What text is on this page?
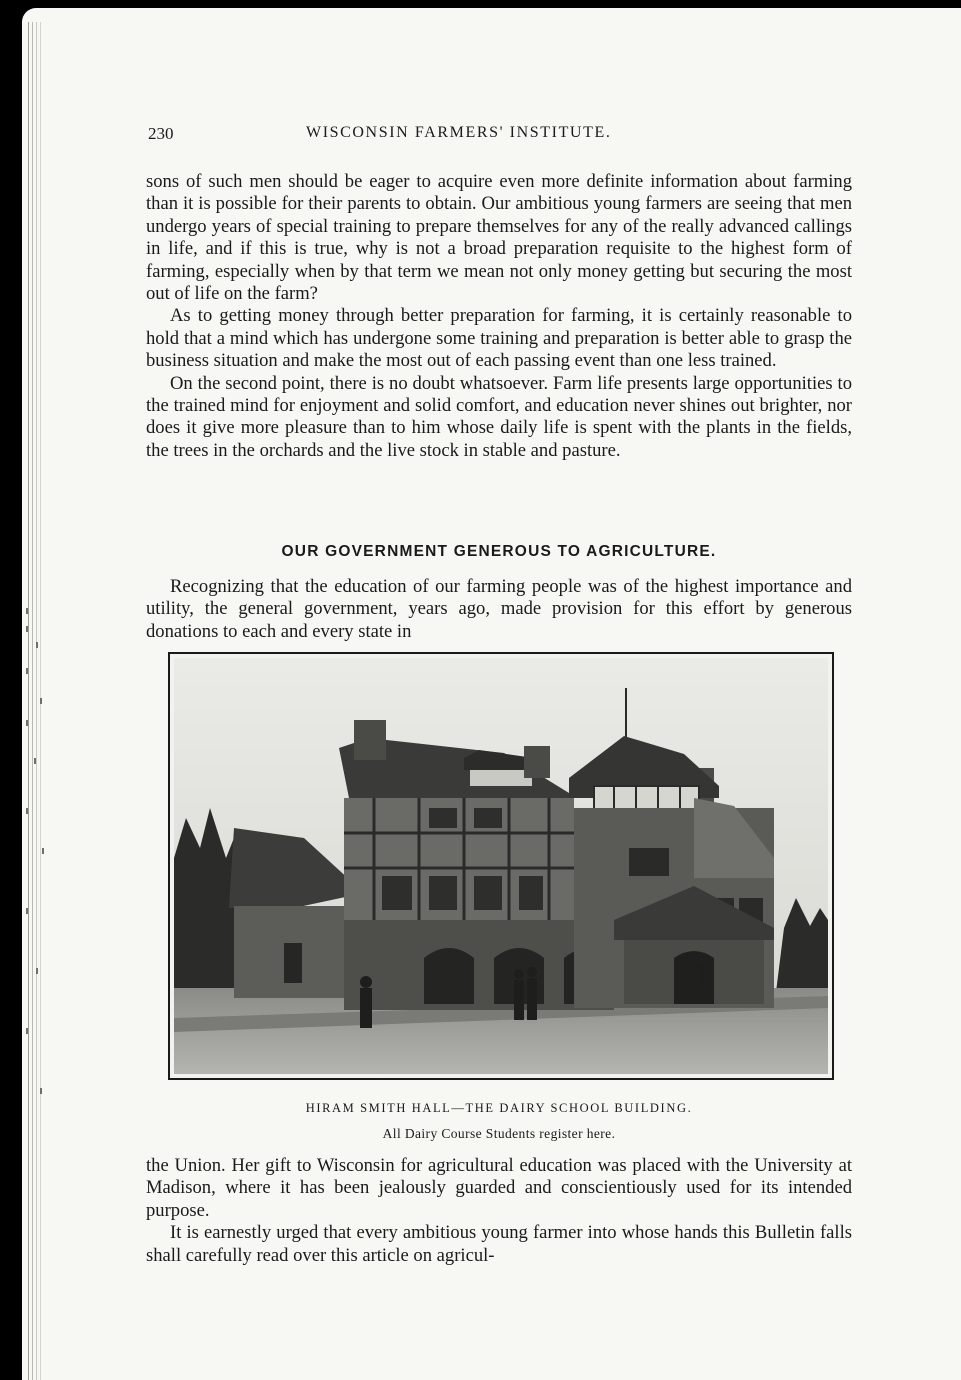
230	WISCONSIN FARMERS' INSTITUTE.

sons of such men should be eager to acquire even more definite information about farming than it is possible for their parents to obtain. Our ambitious young farmers are seeing that men undergo years of special training to prepare themselves for any of the really advanced callings in life, and if this is true, why is not a broad preparation requisite to the highest form of farming, especially when by that term we mean not only money getting but securing the most out of life on the farm?

As to getting money through better preparation for farming, it is certainly reasonable to hold that a mind which has undergone some training and preparation is better able to grasp the business situation and make the most out of each passing event than one less trained.

On the second point, there is no doubt whatsoever. Farm life presents large opportunities to the trained mind for enjoyment and solid comfort, and education never shines out brighter, nor does it give more pleasure than to him whose daily life is spent with the plants in the fields, the trees in the orchards and the live stock in stable and pasture.

OUR GOVERNMENT GENEROUS TO AGRICULTURE.

Recognizing that the education of our farming people was of the highest importance and utility, the general government, years ago, made provision for this effort by generous donations to each and every state in

HIRAM SMITH HALL—THE DAIRY SCHOOL BUILDING.
All Dairy Course Students register here.

the Union. Her gift to Wisconsin for agricultural education was placed with the University at Madison, where it has been jealously guarded and conscientiously used for its intended purpose.

It is earnestly urged that every ambitious young farmer into whose hands this Bulletin falls shall carefully read over this article on agricul-
